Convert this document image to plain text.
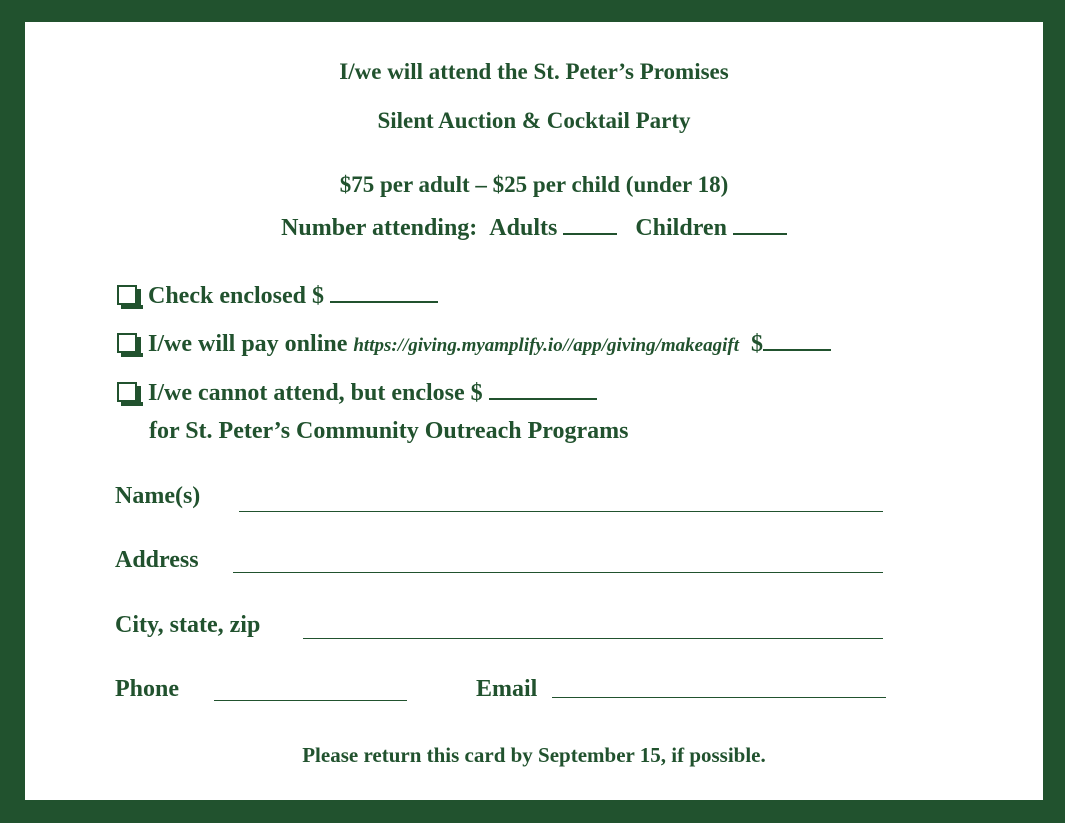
I/we will attend the St. Peter’s Promises
Silent Auction & Cocktail Party
$75 per adult – $25 per child (under 18)
Number attending: Adults	Children
Check enclosed $
I/we will pay online https://giving.myamplify.io//app/giving/makeagift $
I/we cannot attend, but enclose $
for St. Peter’s Community Outreach Programs
Name(s)
Address
City, state, zip
Phone	Email
Please return this card by September 15, if possible.
